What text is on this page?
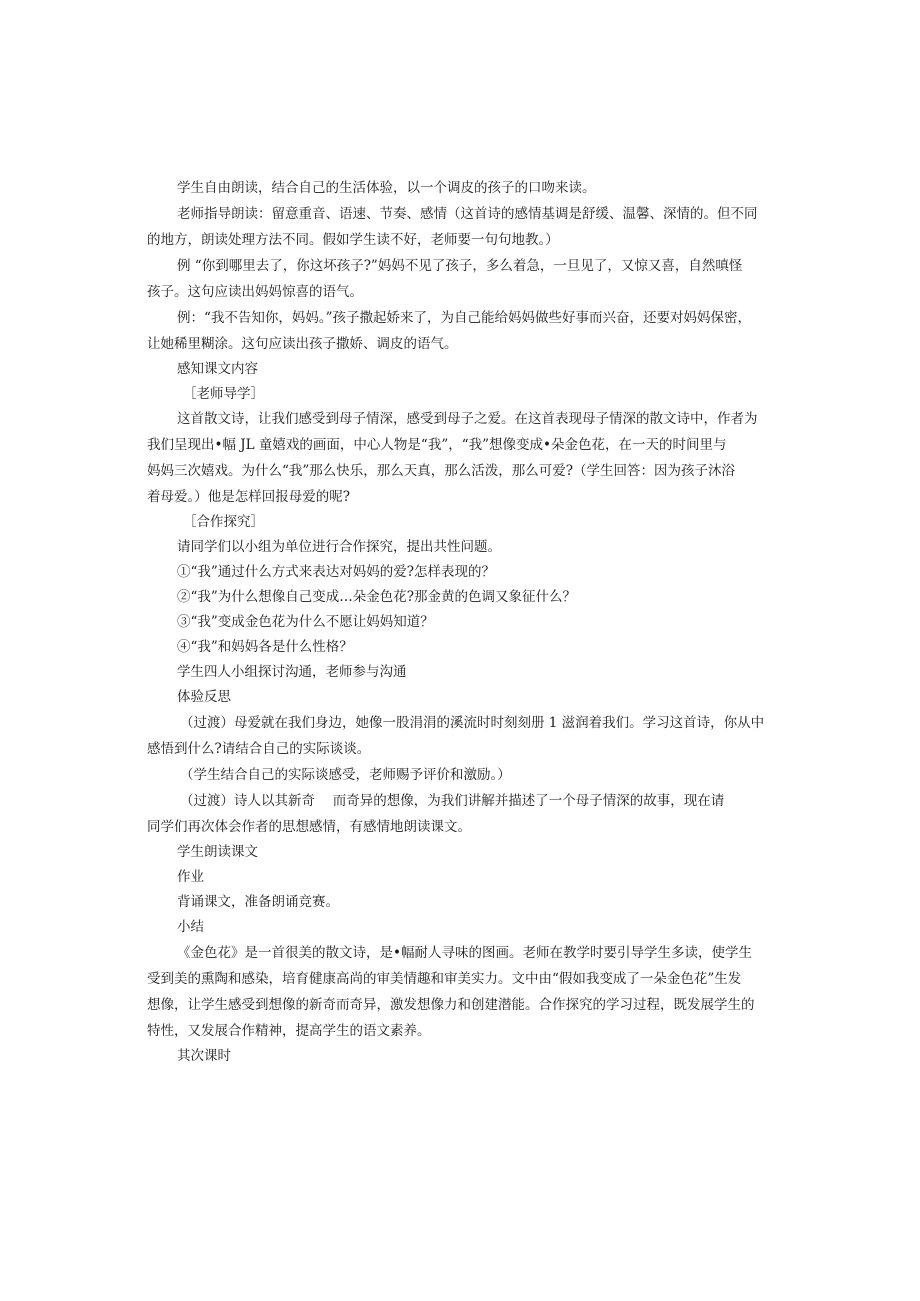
学生自由朗读，结合自己的生活体验，以一个调皮的孩子的口吻来读。
老师指导朗读：留意重音、语速、节奏、感情（这首诗的感情基调是舒缓、温馨、深情的。但不同
的地方，朗读处理方法不同。假如学生读不好，老师要一句句地教。）
例 “你到哪里去了，你这坏孩子?”妈妈不见了孩子，多么着急，一旦见了，又惊又喜，自然嗔怪
孩子。这句应读出妈妈惊喜的语气。
例：“我不告知你，妈妈。”孩子撒起娇来了，为自己能给妈妈做些好事而兴奋，还要对妈妈保密，
让她稀里糊涂。这句应读出孩子撒娇、调皮的语气。
感知课文内容
［老师导学］
这首散文诗，让我们感受到母子情深，感受到母子之爱。在这首表现母子情深的散文诗中，作者为
我们呈现出•幅 JL 童嬉戏的画面，中心人物是“我”，“我”想像变成•朵金色花，在一天的时间里与
妈妈三次嬉戏。为什么“我”那么快乐，那么天真，那么活泼，那么可爱?（学生回答：因为孩子沐浴
着母爱。）他是怎样回报母爱的呢?
［合作探究］
请同学们以小组为单位进行合作探究，提出共性问题。
①“我”通过什么方式来表达对妈妈的爱?怎样表现的？
②“我”为什么想像自己变成…朵金色花?那金黄的色调又象征什么？
③“我”变成金色花为什么不愿让妈妈知道？
④“我”和妈妈各是什么性格？
学生四人小组探讨沟通，老师参与沟通
体验反思
（过渡）母爱就在我们身边，她像一股涓涓的溪流时时刻刻册 1 滋润着我们。学习这首诗，你从中
感悟到什么?请结合自己的实际谈谈。
（学生结合自己的实际谈感受，老师赐予评价和激励。）
（过渡）诗人以其新奇　 而奇异的想像，为我们讲解并描述了一个母子情深的故事，现在请
同学们再次体会作者的思想感情，有感情地朗读课文。
学生朗读课文
作业
背诵课文，准备朗诵竞赛。
小结
《金色花》是一首很美的散文诗，是•幅耐人寻味的图画。老师在教学时要引导学生多读，使学生
受到美的熏陶和感染，培育健康高尚的审美情趣和审美实力。文中由“假如我变成了一朵金色花”生发
想像，让学生感受到想像的新奇而奇异，激发想像力和创建潜能。合作探究的学习过程，既发展学生的
特性，又发展合作精神，提高学生的语文素养。
其次课时
